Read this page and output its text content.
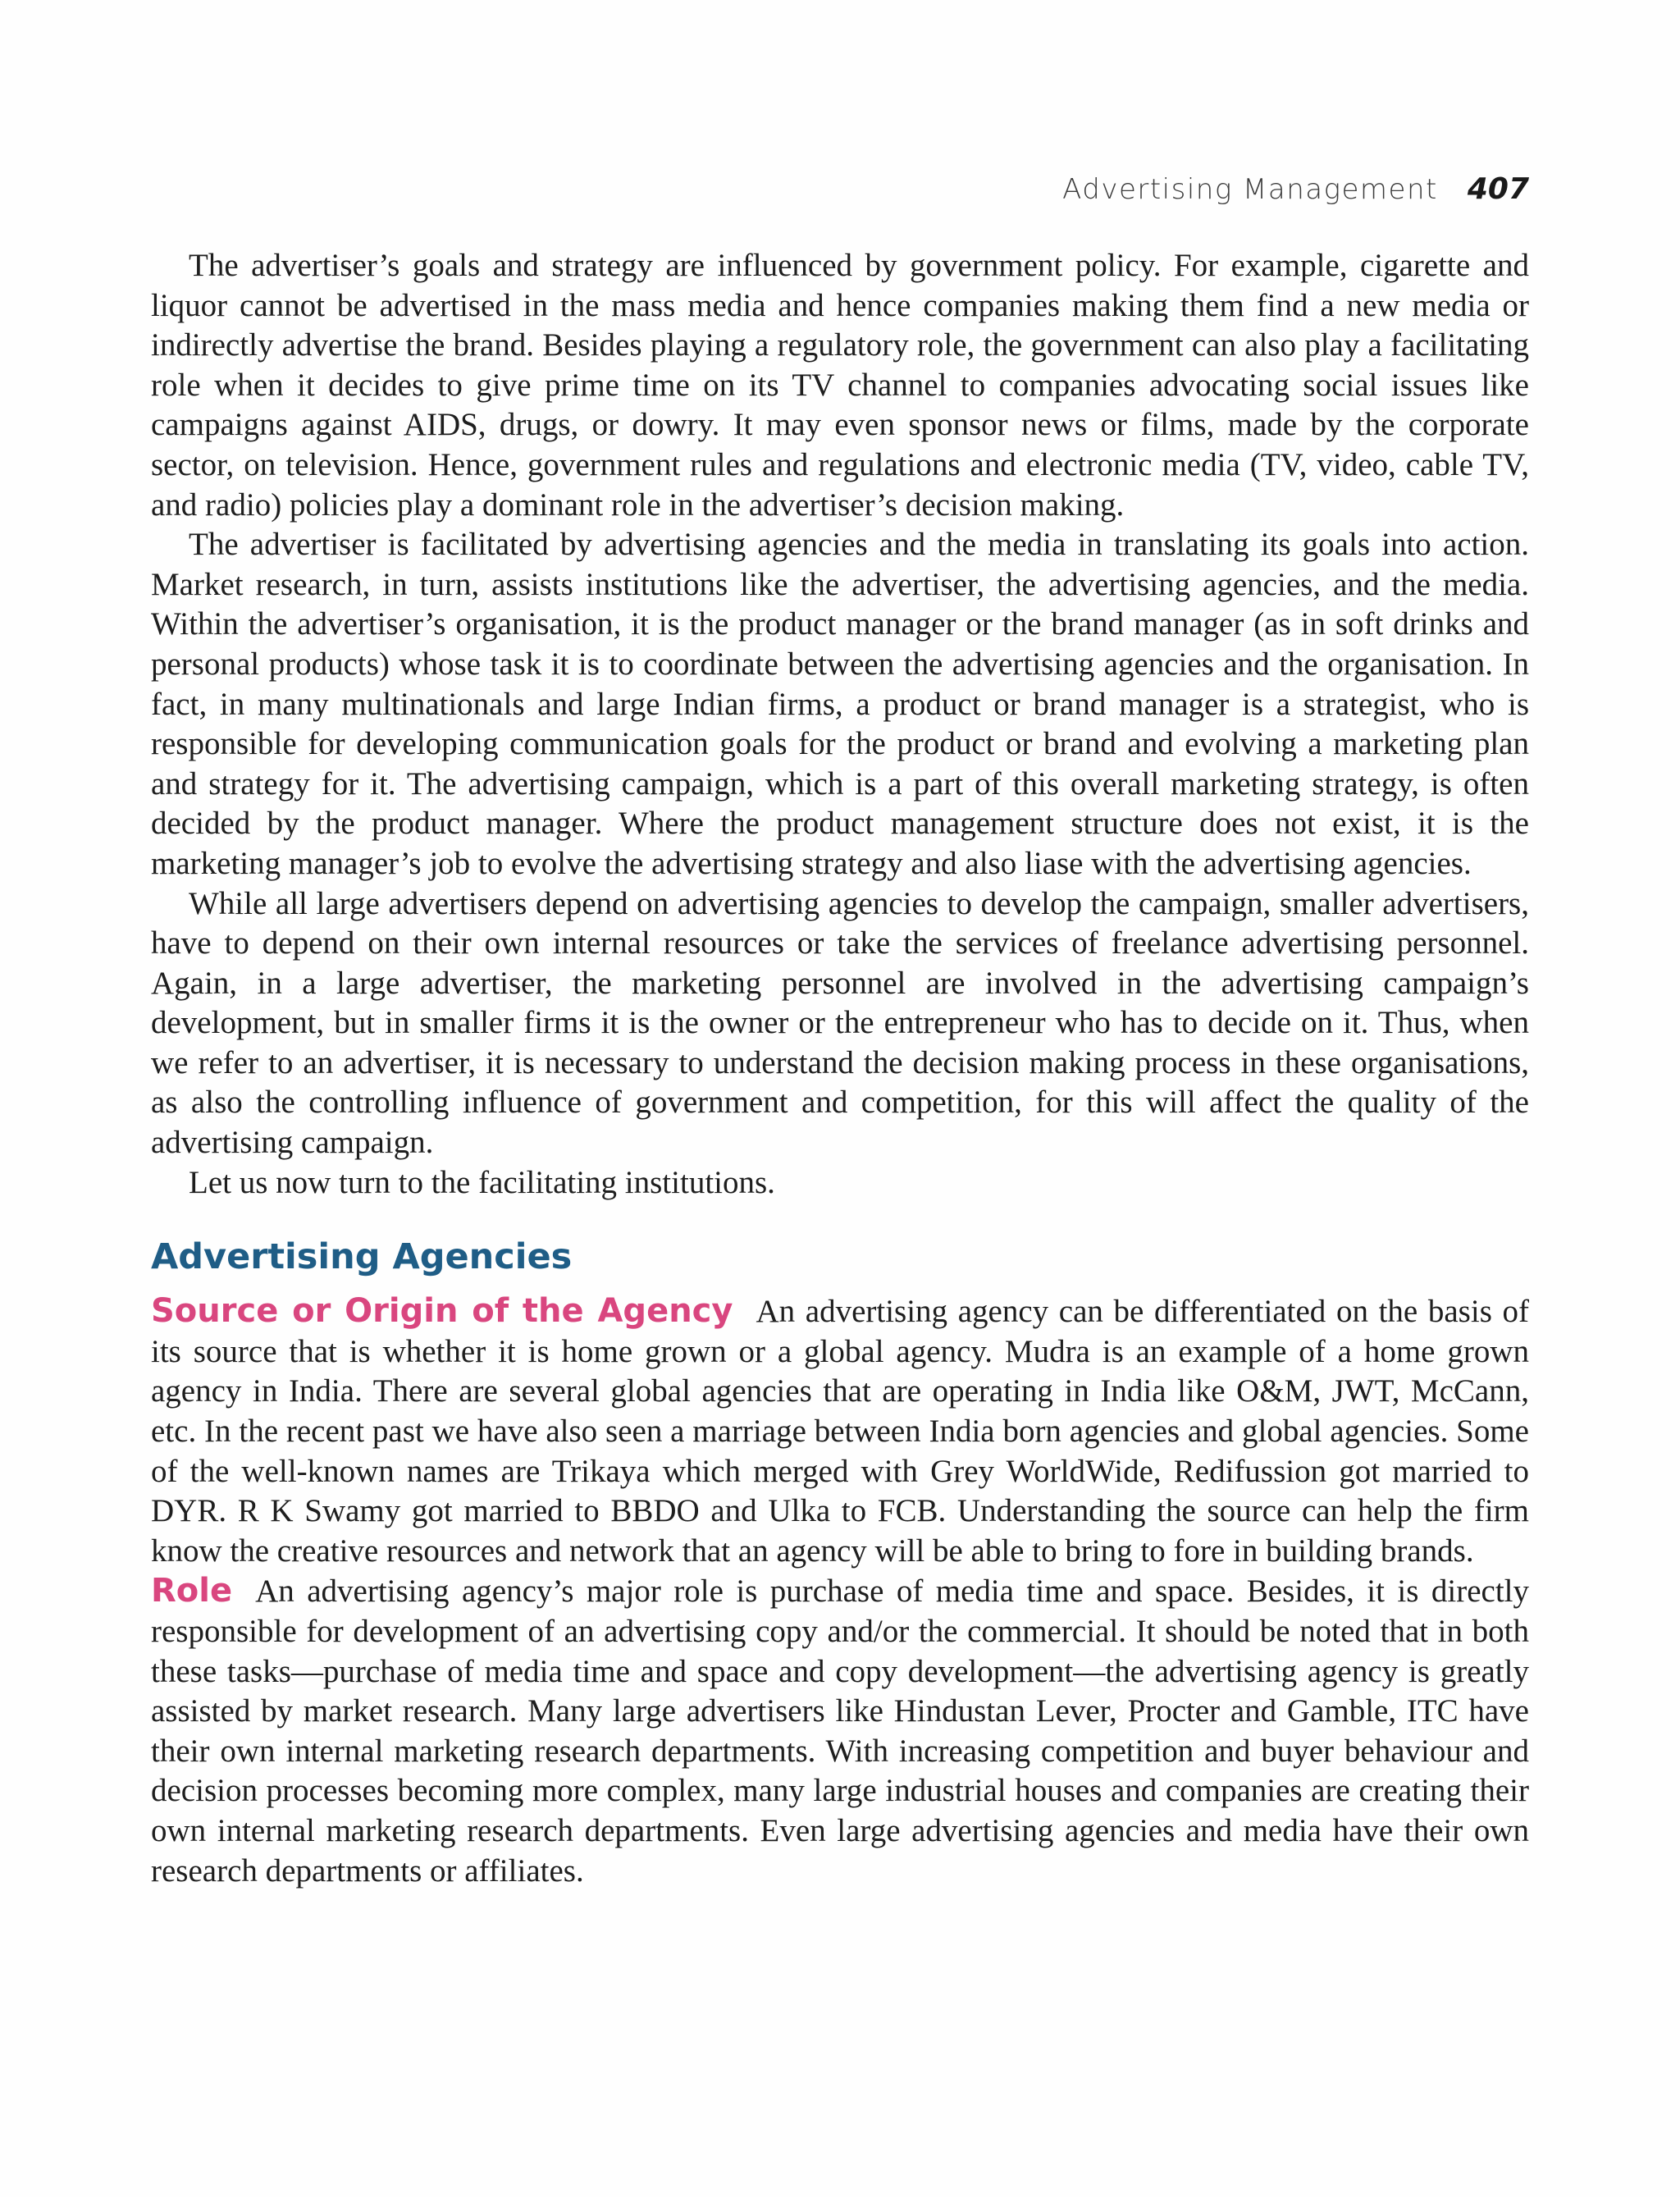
Advertising Management 407

The advertiser’s goals and strategy are influenced by government policy. For example, cigarette and liquor cannot be advertised in the mass media and hence companies making them find a new media or indirectly advertise the brand. Besides playing a regulatory role, the government can also play a facilitating role when it decides to give prime time on its TV channel to companies advocating social issues like campaigns against AIDS, drugs, or dowry. It may even sponsor news or films, made by the corporate sector, on television. Hence, government rules and regulations and electronic media (TV, video, cable TV, and radio) policies play a dominant role in the advertiser’s decision making.

The advertiser is facilitated by advertising agencies and the media in translating its goals into action. Market research, in turn, assists institutions like the advertiser, the advertising agencies, and the media. Within the advertiser’s organisation, it is the product manager or the brand manager (as in soft drinks and personal products) whose task it is to coordinate between the advertising agencies and the organisation. In fact, in many multinationals and large Indian firms, a product or brand manager is a strategist, who is responsible for developing communication goals for the product or brand and evolving a marketing plan and strategy for it. The advertising campaign, which is a part of this overall marketing strategy, is often decided by the product manager. Where the product management structure does not exist, it is the marketing manager’s job to evolve the advertising strategy and also liase with the advertising agencies.

While all large advertisers depend on advertising agencies to develop the campaign, smaller advertisers, have to depend on their own internal resources or take the services of freelance advertising personnel. Again, in a large advertiser, the marketing personnel are involved in the advertising campaign’s development, but in smaller firms it is the owner or the entrepreneur who has to decide on it. Thus, when we refer to an advertiser, it is necessary to understand the decision making process in these organisations, as also the controlling influence of government and competition, for this will affect the quality of the advertising campaign.

Let us now turn to the facilitating institutions.

Advertising Agencies

Source or Origin of the Agency An advertising agency can be differentiated on the basis of its source that is whether it is home grown or a global agency. Mudra is an example of a home grown agency in India. There are several global agencies that are operating in India like O&M, JWT, McCann, etc. In the recent past we have also seen a marriage between India born agencies and global agencies. Some of the well-known names are Trikaya which merged with Grey WorldWide, Redifussion got married to DYR. R K Swamy got married to BBDO and Ulka to FCB. Understanding the source can help the firm know the creative resources and network that an agency will be able to bring to fore in building brands.

Role An advertising agency’s major role is purchase of media time and space. Besides, it is directly responsible for development of an advertising copy and/or the commercial. It should be noted that in both these tasks—purchase of media time and space and copy development—the advertising agency is greatly assisted by market research. Many large advertisers like Hindustan Lever, Procter and Gamble, ITC have their own internal marketing research departments. With increasing competition and buyer behaviour and decision processes becoming more complex, many large industrial houses and companies are creating their own internal marketing research departments. Even large advertising agencies and media have their own research departments or affiliates.
